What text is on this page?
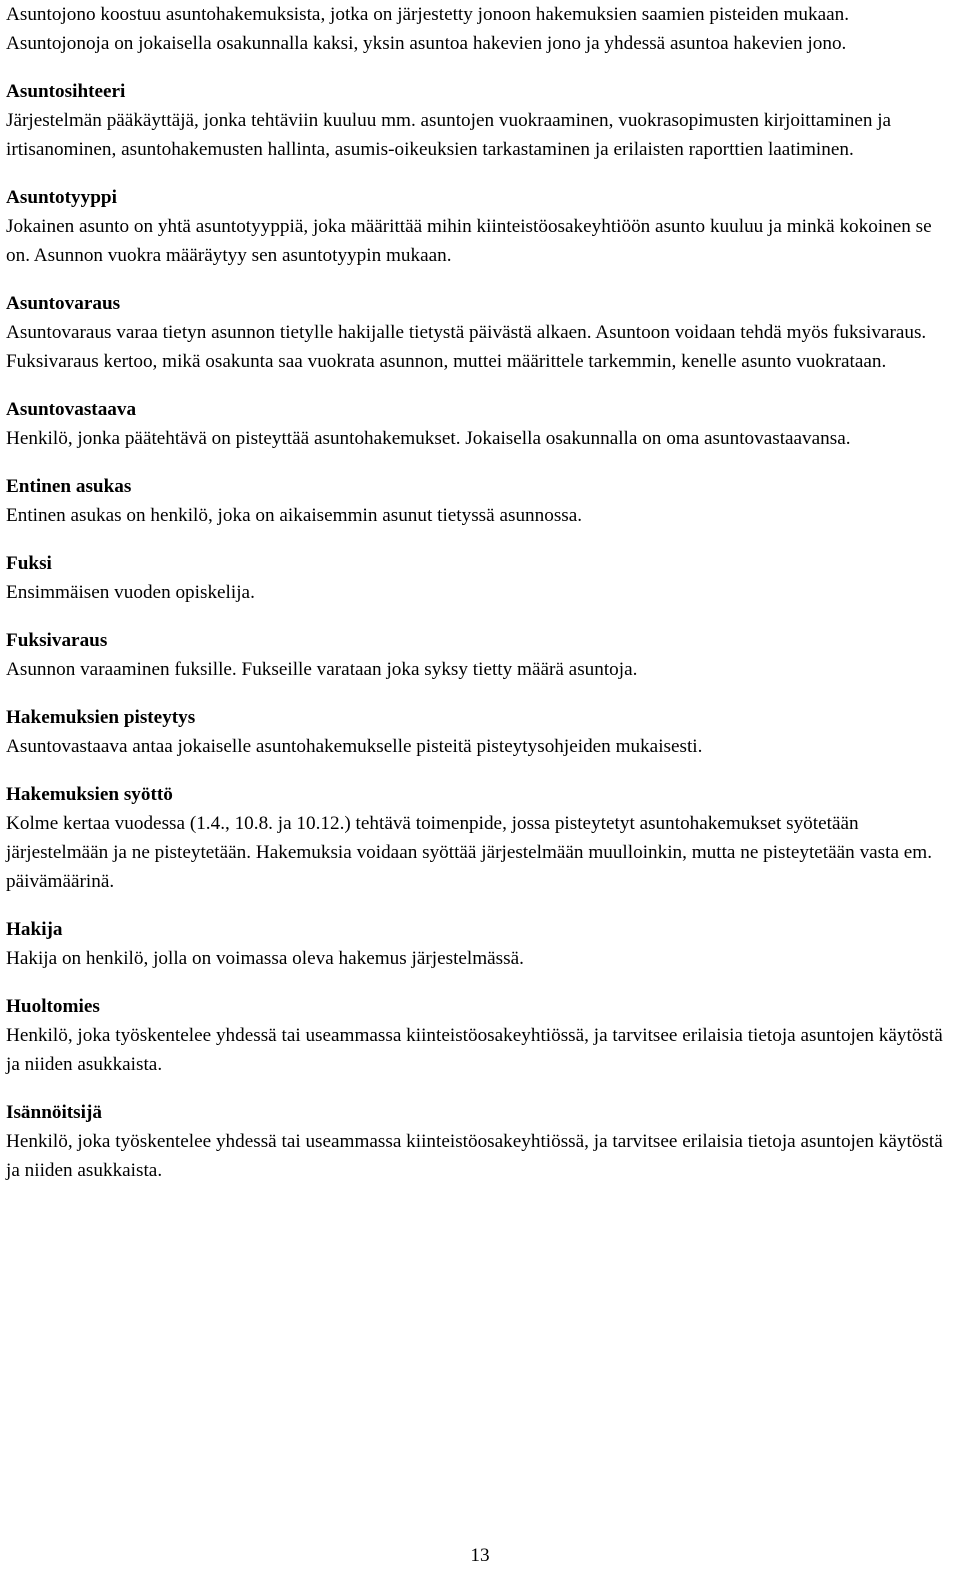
Asuntojono koostuu asuntohakemuksista, jotka on järjestetty jonoon hakemuksien saamien pisteiden mukaan. Asuntojonoja on jokaisella osakunnalla kaksi, yksin asuntoa hakevien jono ja yhdessä asuntoa hakevien jono.

Asuntosihteeri

Järjestelmän pääkäyttäjä, jonka tehtäviin kuuluu mm. asuntojen vuokraaminen, vuokrasopimusten kirjoittaminen ja irtisanominen, asuntohakemusten hallinta, asumis-oikeuksien tarkastaminen ja erilaisten raporttien laatiminen.

Asuntotyyppi

Jokainen asunto on yhtä asuntotyyppiä, joka määrittää mihin kiinteistöosakeyhtiöön asunto kuuluu ja minkä kokoinen se on. Asunnon vuokra määräytyy sen asuntotyypin mukaan.

Asuntovaraus

Asuntovaraus varaa tietyn asunnon tietylle hakijalle tietystä päivästä alkaen. Asuntoon voidaan tehdä myös fuksivaraus. Fuksivaraus kertoo, mikä osakunta saa vuokrata asunnon, muttei määrittele tarkemmin, kenelle asunto vuokrataan.

Asuntovastaava

Henkilö, jonka päätehtävä on pisteyttää asuntohakemukset. Jokaisella osakunnalla on oma asuntovastaavansa.

Entinen asukas

Entinen asukas on henkilö, joka on aikaisemmin asunut tietyssä asunnossa.

Fuksi

Ensimmäisen vuoden opiskelija.

Fuksivaraus

Asunnon varaaminen fuksille. Fukseille varataan joka syksy tietty määrä asuntoja.

Hakemuksien pisteytys

Asuntovastaava antaa jokaiselle asuntohakemukselle pisteitä pisteytysohjeiden mukaisesti.

Hakemuksien syöttö

Kolme kertaa vuodessa (1.4., 10.8. ja 10.12.) tehtävä toimenpide, jossa pisteytetyt asuntohakemukset syötetään järjestelmään ja ne pisteytetään. Hakemuksia voidaan syöttää järjestelmään muulloinkin, mutta ne pisteytetään vasta em. päivämäärinä.

Hakija

Hakija on henkilö, jolla on voimassa oleva hakemus järjestelmässä.

Huoltomies

Henkilö, joka työskentelee yhdessä tai useammassa kiinteistöosakeyhtiössä, ja tarvitsee erilaisia tietoja asuntojen käytöstä ja niiden asukkaista.

Isännöitsijä

Henkilö, joka työskentelee yhdessä tai useammassa kiinteistöosakeyhtiössä, ja tarvitsee erilaisia tietoja asuntojen käytöstä ja niiden asukkaista.

13
